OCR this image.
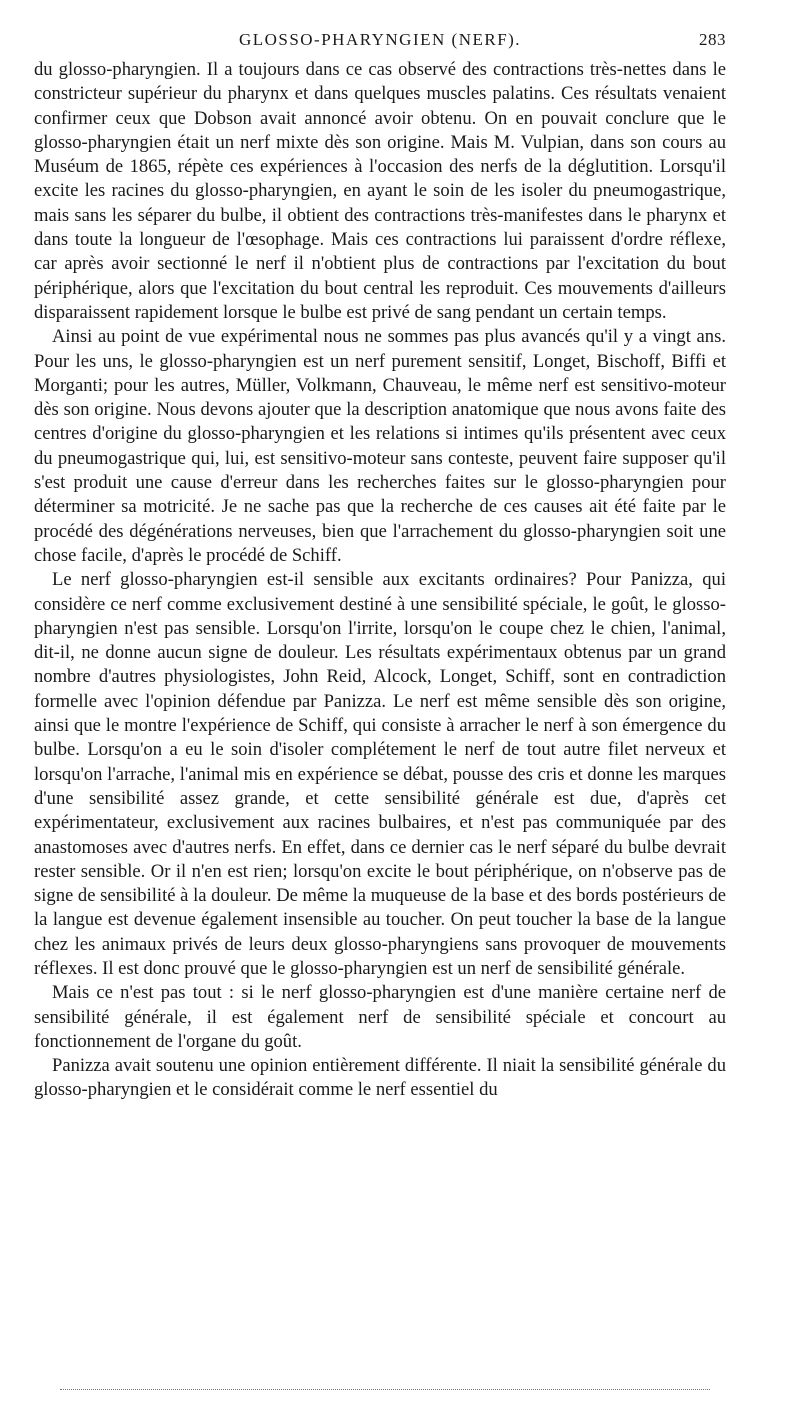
GLOSSO-PHARYNGIEN (NERF).	283

du glosso-pharyngien. Il a toujours dans ce cas observé des contractions très-nettes dans le constricteur supérieur du pharynx et dans quelques muscles palatins. Ces résultats venaient confirmer ceux que Dobson avait annoncé avoir obtenu. On en pouvait conclure que le glosso-pharyngien était un nerf mixte dès son origine. Mais M. Vulpian, dans son cours au Muséum de 1865, répète ces expériences à l'occasion des nerfs de la déglutition. Lorsqu'il excite les racines du glosso-pharyngien, en ayant le soin de les isoler du pneumogastrique, mais sans les séparer du bulbe, il obtient des contractions très-manifestes dans le pharynx et dans toute la longueur de l'œsophage. Mais ces contractions lui paraissent d'ordre réflexe, car après avoir sectionné le nerf il n'obtient plus de contractions par l'excitation du bout périphérique, alors que l'excitation du bout central les reproduit. Ces mouvements d'ailleurs disparaissent rapidement lorsque le bulbe est privé de sang pendant un certain temps.

Ainsi au point de vue expérimental nous ne sommes pas plus avancés qu'il y a vingt ans. Pour les uns, le glosso-pharyngien est un nerf purement sensitif, Longet, Bischoff, Biffi et Morganti; pour les autres, Müller, Volkmann, Chauveau, le même nerf est sensitivo-moteur dès son origine. Nous devons ajouter que la description anatomique que nous avons faite des centres d'origine du glosso-pharyngien et les relations si intimes qu'ils présentent avec ceux du pneumogastrique qui, lui, est sensitivo-moteur sans conteste, peuvent faire supposer qu'il s'est produit une cause d'erreur dans les recherches faites sur le glosso-pharyngien pour déterminer sa motricité. Je ne sache pas que la recherche de ces causes ait été faite par le procédé des dégénérations nerveuses, bien que l'arrachement du glosso-pharyngien soit une chose facile, d'après le procédé de Schiff.

Le nerf glosso-pharyngien est-il sensible aux excitants ordinaires? Pour Panizza, qui considère ce nerf comme exclusivement destiné à une sensibilité spéciale, le goût, le glosso-pharyngien n'est pas sensible. Lorsqu'on l'irrite, lorsqu'on le coupe chez le chien, l'animal, dit-il, ne donne aucun signe de douleur. Les résultats expérimentaux obtenus par un grand nombre d'autres physiologistes, John Reid, Alcock, Longet, Schiff, sont en contradiction formelle avec l'opinion défendue par Panizza. Le nerf est même sensible dès son origine, ainsi que le montre l'expérience de Schiff, qui consiste à arracher le nerf à son émergence du bulbe. Lorsqu'on a eu le soin d'isoler complétement le nerf de tout autre filet nerveux et lorsqu'on l'arrache, l'animal mis en expérience se débat, pousse des cris et donne les marques d'une sensibilité assez grande, et cette sensibilité générale est due, d'après cet expérimentateur, exclusivement aux racines bulbaires, et n'est pas communiquée par des anastomoses avec d'autres nerfs. En effet, dans ce dernier cas le nerf séparé du bulbe devrait rester sensible. Or il n'en est rien; lorsqu'on excite le bout périphérique, on n'observe pas de signe de sensibilité à la douleur. De même la muqueuse de la base et des bords postérieurs de la langue est devenue également insensible au toucher. On peut toucher la base de la langue chez les animaux privés de leurs deux glosso-pharyngiens sans provoquer de mouvements réflexes. Il est donc prouvé que le glosso-pharyngien est un nerf de sensibilité générale.

Mais ce n'est pas tout : si le nerf glosso-pharyngien est d'une manière certaine nerf de sensibilité générale, il est également nerf de sensibilité spéciale et concourt au fonctionnement de l'organe du goût.

Panizza avait soutenu une opinion entièrement différente. Il niait la sensibilité générale du glosso-pharyngien et le considérait comme le nerf essentiel du
